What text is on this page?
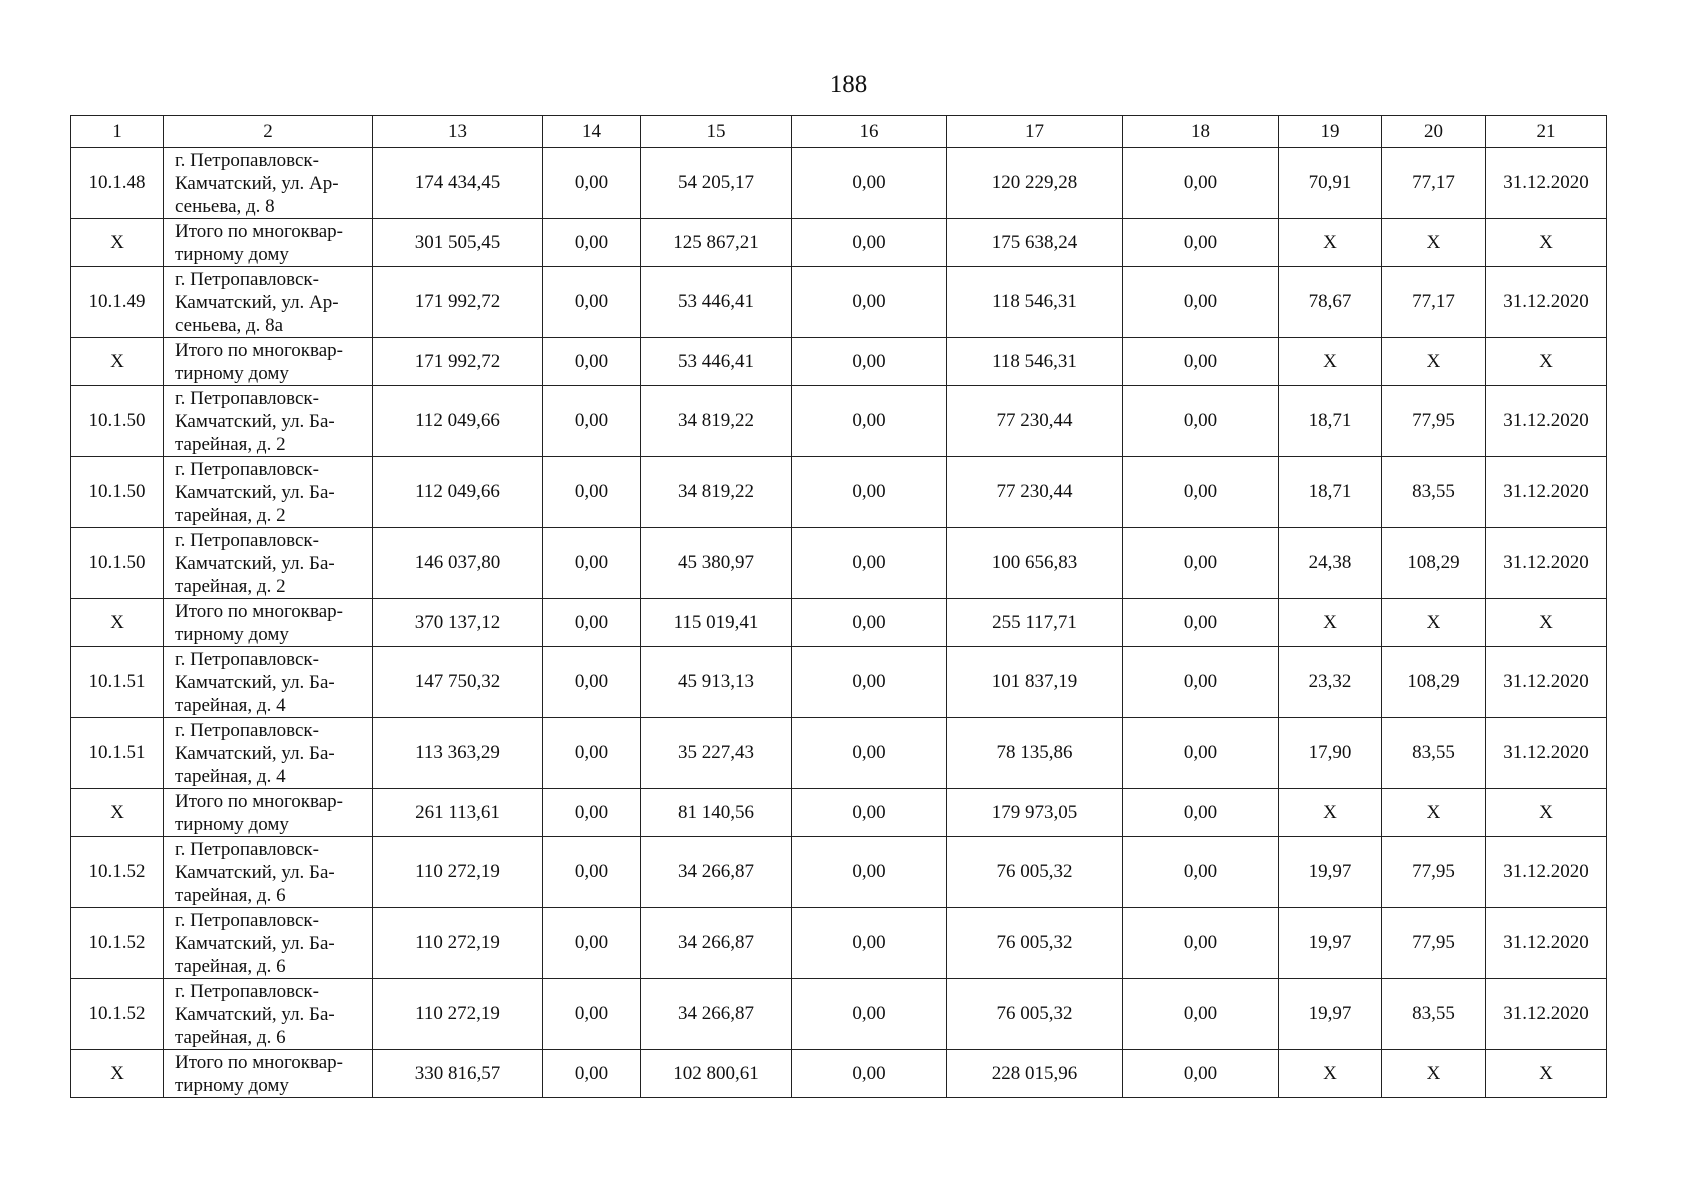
188
1	2	13	14	15	16	17	18	19	20	21
10.1.48	г. Петропавловск-
Камчатский, ул. Ар-
сеньева, д. 8	174 434,45	0,00	54 205,17	0,00	120 229,28	0,00	70,91	77,17	31.12.2020
X	Итого по многоквар-
тирному дому	301 505,45	0,00	125 867,21	0,00	175 638,24	0,00	X	X	X
10.1.49	г. Петропавловск-
Камчатский, ул. Ар-
сеньева, д. 8а	171 992,72	0,00	53 446,41	0,00	118 546,31	0,00	78,67	77,17	31.12.2020
X	Итого по многоквар-
тирному дому	171 992,72	0,00	53 446,41	0,00	118 546,31	0,00	X	X	X
10.1.50	г. Петропавловск-
Камчатский, ул. Ба-
тарейная, д. 2	112 049,66	0,00	34 819,22	0,00	77 230,44	0,00	18,71	77,95	31.12.2020
10.1.50	г. Петропавловск-
Камчатский, ул. Ба-
тарейная, д. 2	112 049,66	0,00	34 819,22	0,00	77 230,44	0,00	18,71	83,55	31.12.2020
10.1.50	г. Петропавловск-
Камчатский, ул. Ба-
тарейная, д. 2	146 037,80	0,00	45 380,97	0,00	100 656,83	0,00	24,38	108,29	31.12.2020
X	Итого по многоквар-
тирному дому	370 137,12	0,00	115 019,41	0,00	255 117,71	0,00	X	X	X
10.1.51	г. Петропавловск-
Камчатский, ул. Ба-
тарейная, д. 4	147 750,32	0,00	45 913,13	0,00	101 837,19	0,00	23,32	108,29	31.12.2020
10.1.51	г. Петропавловск-
Камчатский, ул. Ба-
тарейная, д. 4	113 363,29	0,00	35 227,43	0,00	78 135,86	0,00	17,90	83,55	31.12.2020
X	Итого по многоквар-
тирному дому	261 113,61	0,00	81 140,56	0,00	179 973,05	0,00	X	X	X
10.1.52	г. Петропавловск-
Камчатский, ул. Ба-
тарейная, д. 6	110 272,19	0,00	34 266,87	0,00	76 005,32	0,00	19,97	77,95	31.12.2020
10.1.52	г. Петропавловск-
Камчатский, ул. Ба-
тарейная, д. 6	110 272,19	0,00	34 266,87	0,00	76 005,32	0,00	19,97	77,95	31.12.2020
10.1.52	г. Петропавловск-
Камчатский, ул. Ба-
тарейная, д. 6	110 272,19	0,00	34 266,87	0,00	76 005,32	0,00	19,97	83,55	31.12.2020
X	Итого по многоквар-
тирному дому	330 816,57	0,00	102 800,61	0,00	228 015,96	0,00	X	X	X
